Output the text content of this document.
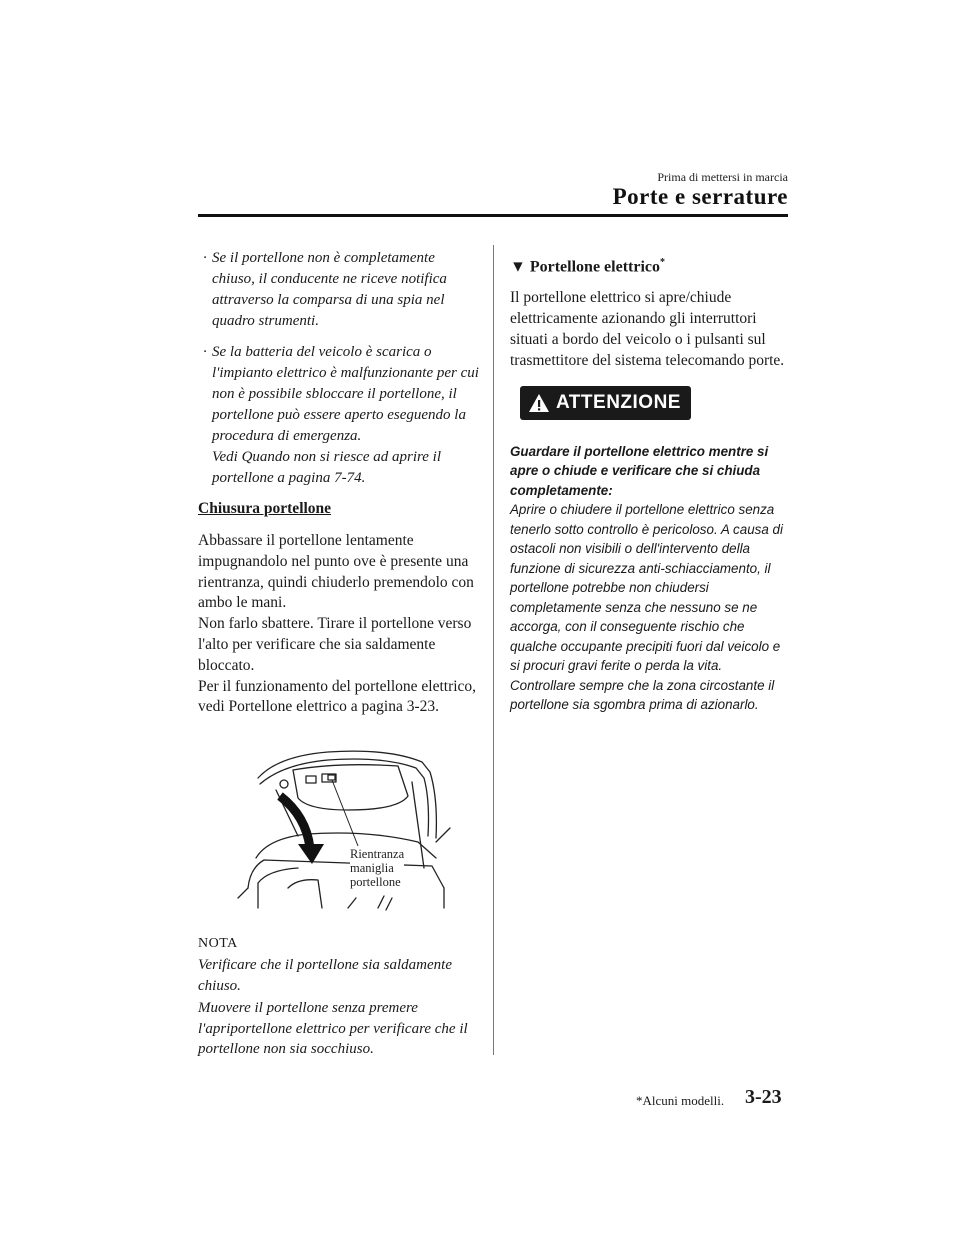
Prima di mettersi in marcia
Porte e serrature

· Se il portellone non è completamente chiuso, il conducente ne riceve notifica attraverso la comparsa di una spia nel quadro strumenti.

· Se la batteria del veicolo è scarica o l'impianto elettrico è malfunzionante per cui non è possibile sbloccare il portellone, il portellone può essere aperto eseguendo la procedura di emergenza.
Vedi Quando non si riesce ad aprire il portellone a pagina 7-74.

Chiusura portellone

Abbassare il portellone lentamente impugnandolo nel punto ove è presente una rientranza, quindi chiuderlo premendolo con ambo le mani.

Non farlo sbattere. Tirare il portellone verso l'alto per verificare che sia saldamente bloccato.

Per il funzionamento del portellone elettrico, vedi Portellone elettrico a pagina 3-23.

Rientranza
maniglia
portellone
NOTA

Verificare che il portellone sia saldamente chiuso.

Muovere il portellone senza premere l'apriportellone elettrico per verificare che il portellone non sia socchiuso.

▼ Portellone elettrico*

Il portellone elettrico si apre/chiude elettricamente azionando gli interruttori situati a bordo del veicolo o i pulsanti sul trasmettitore del sistema telecomando porte.

ATTENZIONE

Guardare il portellone elettrico mentre si apre o chiude e verificare che si chiuda completamente:

Aprire o chiudere il portellone elettrico senza tenerlo sotto controllo è pericoloso. A causa di ostacoli non visibili o dell'intervento della funzione di sicurezza anti-schiacciamento, il portellone potrebbe non chiudersi completamente senza che nessuno se ne accorga, con il conseguente rischio che qualche occupante precipiti fuori dal veicolo e si procuri gravi ferite o perda la vita.

Controllare sempre che la zona circostante il portellone sia sgombra prima di azionarlo.

*Alcuni modelli. 3-23
